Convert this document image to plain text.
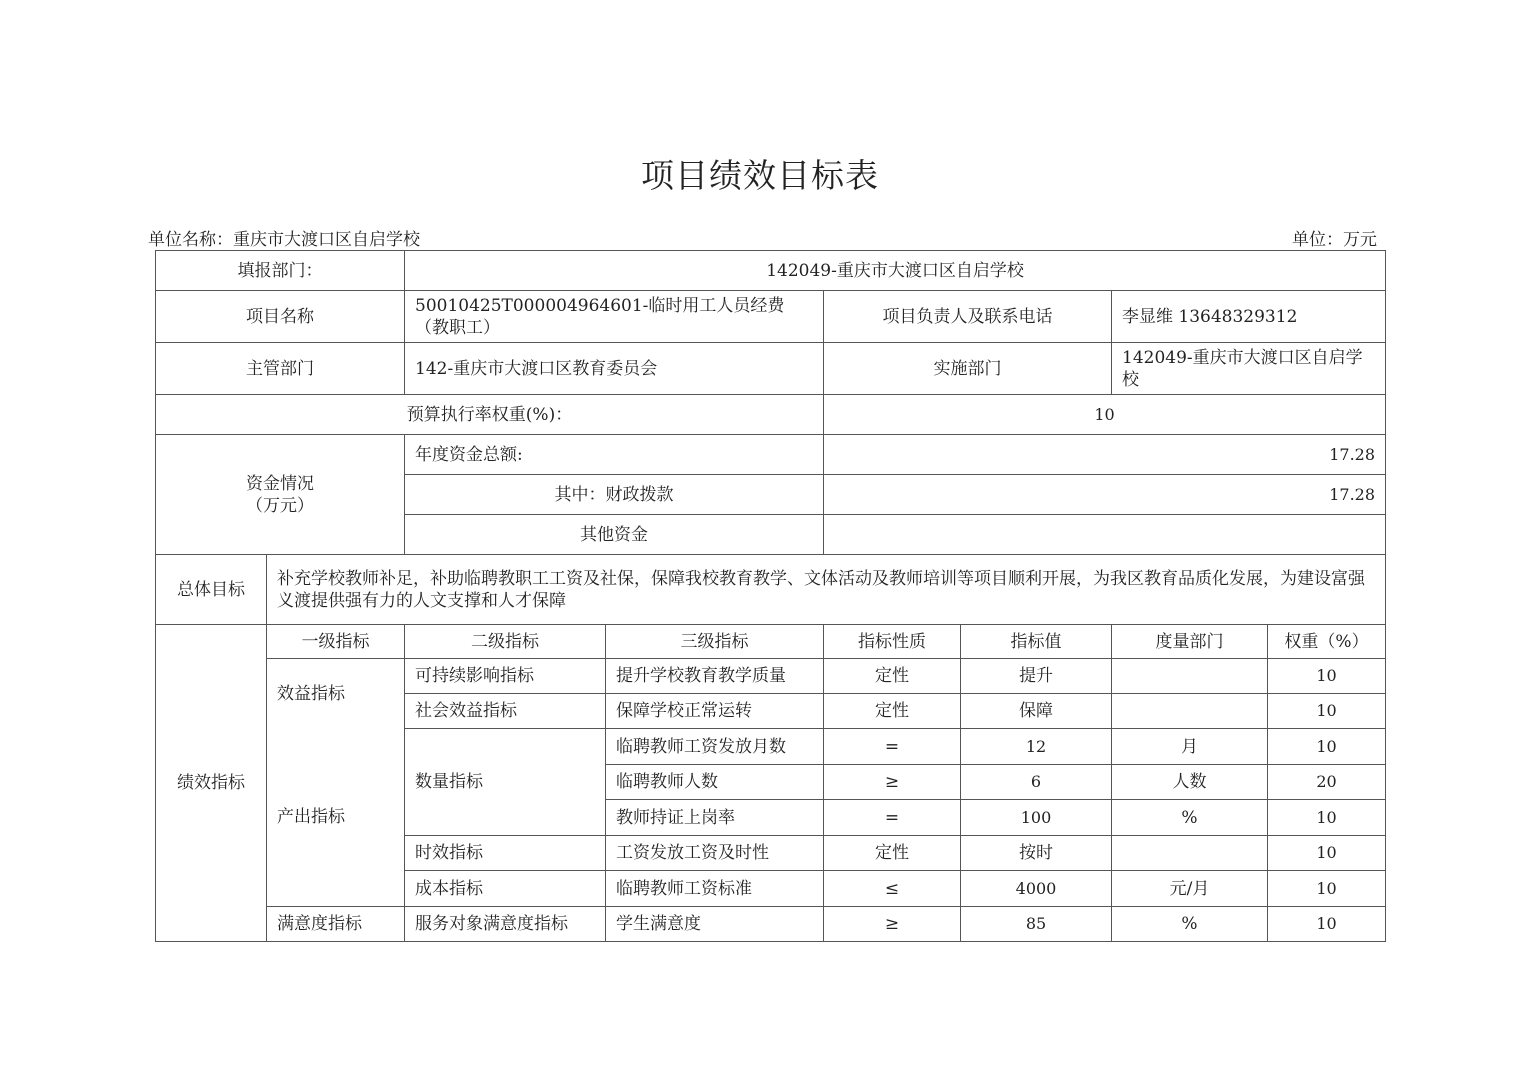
项目绩效目标表
单位名称：重庆市大渡口区自启学校	单位：万元
填报部门：		142049-重庆市大渡口区自启学校					
项目名称		50010425T000004964601-临时用工人员经费（教职工）		项目负责人及联系电话		李显维 13648329312	
主管部门		142-重庆市大渡口区教育委员会		实施部门		142049-重庆市大渡口区自启学校	
预算执行率权重(%)：				10			

资金情况
（万元）		年度资金总额:		17.28			
		其中：财政拨款		17.28			
		其他资金					
总体目标	补充学校教师补足，补助临聘教职工工资及社保，保障我校教育教学、文体活动及教师培训等项目顺利开展，为我区教育品质化发展，为建设富强义渡提供强有力的人文支撑和人才保障						
绩效指标	一级指标	二级指标	三级指标	指标性质	指标值	度量部门	权重（%）
	效益指标	可持续影响指标	提升学校教育教学质量	定性	提升		10
		社会效益指标	保障学校正常运转	定性	保障		10
	产出指标	数量指标	临聘教师工资发放月数	=	12	月	10
			临聘教师人数	≥	6	人数	20
			教师持证上岗率	=	100	%	10
		时效指标	工资发放工资及时性	定性	按时		10
		成本指标	临聘教师工资标准	≤	4000	元/月	10
	满意度指标	服务对象满意度指标	学生满意度	≥	85	%	10
